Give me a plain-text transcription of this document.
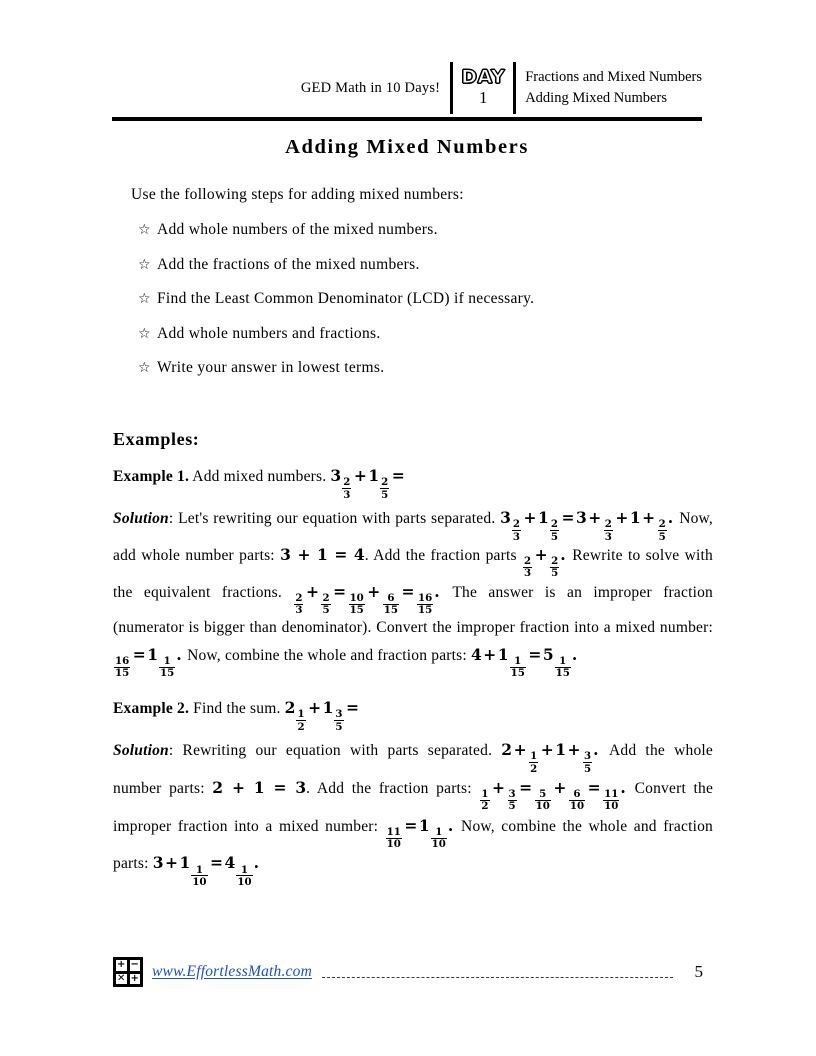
GED Math in 10 Days!	DAY
1
Fractions and Mixed Numbers
Adding Mixed Numbers
Adding Mixed Numbers
Use the following steps for adding mixed numbers:
☆ Add whole numbers of the mixed numbers.
☆ Add the fractions of the mixed numbers.
☆ Find the Least Common Denominator (LCD) if necessary.
☆ Add whole numbers and fractions.
☆ Write your answer in lowest terms.
Examples:
Example 1. Add mixed numbers. 3
$\frac{2}{3}$
+1
$\frac{2}{5}$
=
Solution: Let's rewriting our equation with parts separated. 3
$\frac{2}{3}$
+1
$\frac{2}{5}$
=3+
$\frac{2}{3}$
+1+
$\frac{2}{5}$
. Now, add whole number parts: 3 + 1 = 4. Add the fraction parts
$\frac{2}{3}$
+
$\frac{2}{5}$
. Rewrite to solve with the equivalent fractions.
$\frac{2}{3}$
+
$\frac{2}{5}$
=
$\frac{10}{15}$
+
$\frac{6}{15}$
=
$\frac{16}{15}$
. The answer is an improper fraction (numerator is bigger than denominator). Convert the improper fraction into a mixed number:
$\frac{16}{15}$
=1
$\frac{1}{15}$
. Now, combine the whole and fraction parts: 4+1
$\frac{1}{15}$
=5
$\frac{1}{15}$
.
Example 2. Find the sum. 2
$\frac{1}{2}$
+1
$\frac{3}{5}$
=
Solution: Rewriting our equation with parts separated. 2+
$\frac{1}{2}$
+1+
$\frac{3}{5}$
. Add the whole number parts: 2 + 1 = 3. Add the fraction parts:
$\frac{1}{2}$
+
$\frac{3}{5}$
=
$\frac{5}{10}$
+
$\frac{6}{10}$
=
$\frac{11}{10}$
. Convert the improper fraction into a mixed number:
$\frac{11}{10}$
=1
$\frac{1}{10}$
. Now, combine the whole and fraction parts: 3+1
$\frac{1}{10}$
=4
$\frac{1}{10}$
.
+ −
✕ + www.EffortlessMath.com	5
